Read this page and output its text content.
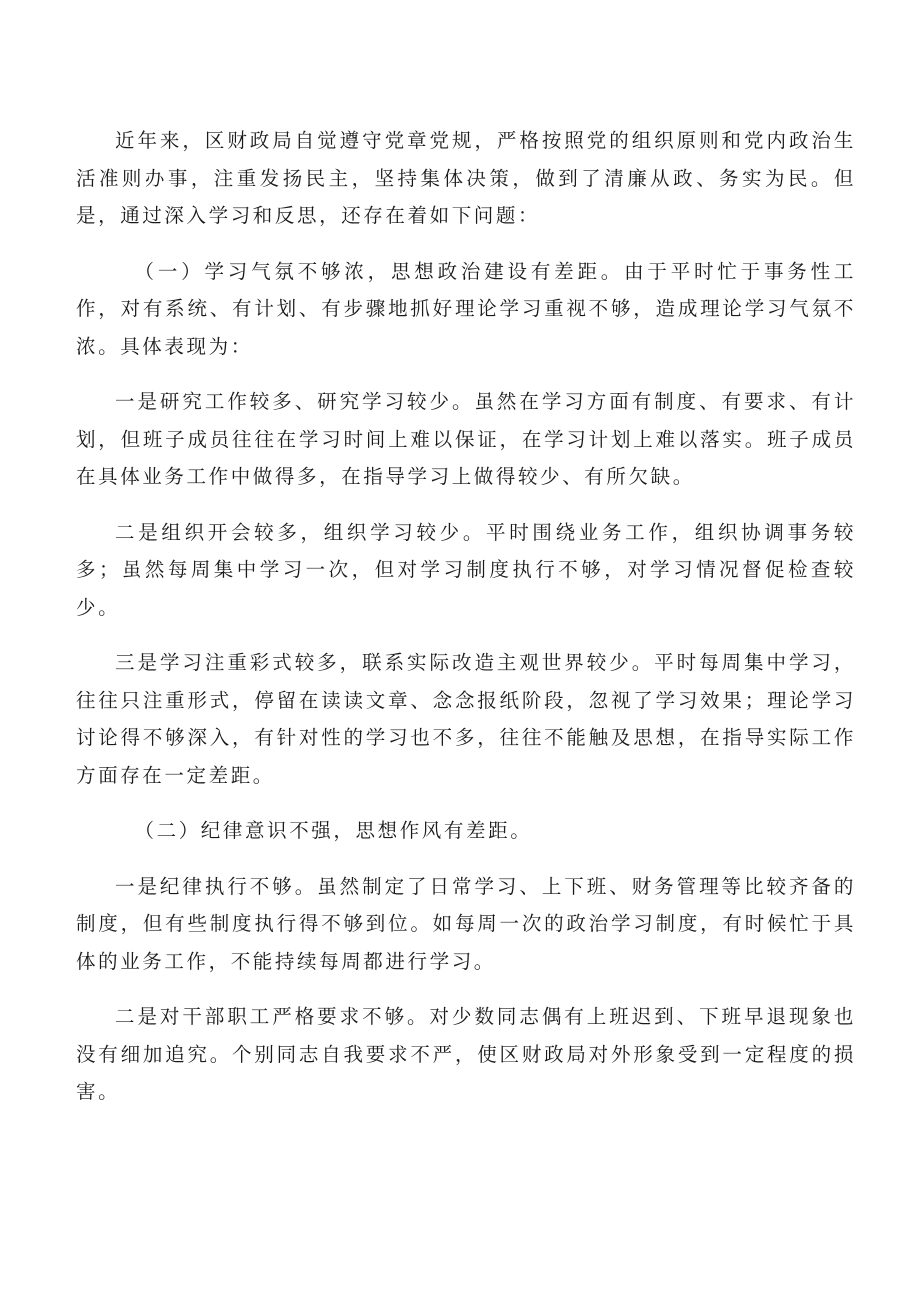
近年来，区财政局自觉遵守党章党规，严格按照党的组织原则和党内政治生活准则办事，注重发扬民主，坚持集体决策，做到了清廉从政、务实为民。但是，通过深入学习和反思，还存在着如下问题：

（一）学习气氛不够浓，思想政治建设有差距。由于平时忙于事务性工作，对有系统、有计划、有步骤地抓好理论学习重视不够，造成理论学习气氛不浓。具体表现为：

一是研究工作较多、研究学习较少。虽然在学习方面有制度、有要求、有计划，但班子成员往往在学习时间上难以保证，在学习计划上难以落实。班子成员在具体业务工作中做得多，在指导学习上做得较少、有所欠缺。

二是组织开会较多，组织学习较少。平时围绕业务工作，组织协调事务较多；虽然每周集中学习一次，但对学习制度执行不够，对学习情况督促检查较少。

三是学习注重彩式较多，联系实际改造主观世界较少。平时每周集中学习，往往只注重形式，停留在读读文章、念念报纸阶段，忽视了学习效果；理论学习讨论得不够深入，有针对性的学习也不多，往往不能触及思想，在指导实际工作方面存在一定差距。

（二）纪律意识不强，思想作风有差距。

一是纪律执行不够。虽然制定了日常学习、上下班、财务管理等比较齐备的制度，但有些制度执行得不够到位。如每周一次的政治学习制度，有时候忙于具体的业务工作，不能持续每周都进行学习。

二是对干部职工严格要求不够。对少数同志偶有上班迟到、下班早退现象也没有细加追究。个别同志自我要求不严，使区财政局对外形象受到一定程度的损害。
